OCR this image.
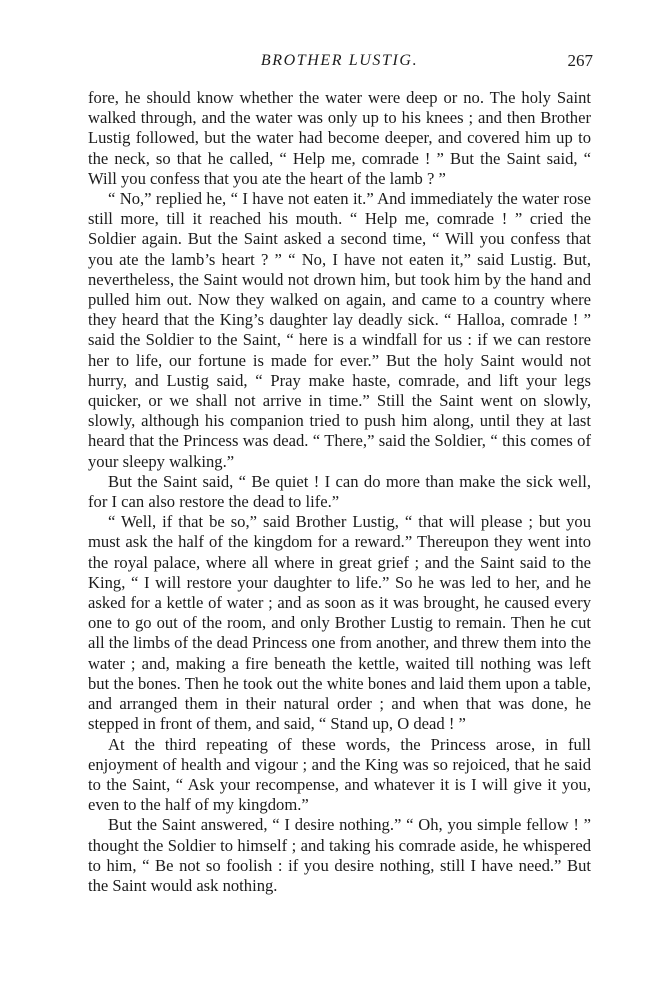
BROTHER LUSTIG.	267

fore, he should know whether the water were deep or no. The holy Saint walked through, and the water was only up to his knees ; and then Brother Lustig followed, but the water had become deeper, and covered him up to the neck, so that he called, “ Help me, comrade ! ” But the Saint said, “ Will you confess that you ate the heart of the lamb ? ”

“ No,” replied he, “ I have not eaten it.” And immediately the water rose still more, till it reached his mouth. “ Help me, comrade ! ” cried the Soldier again. But the Saint asked a second time, “ Will you confess that you ate the lamb’s heart ? ” “ No, I have not eaten it,” said Lustig. But, nevertheless, the Saint would not drown him, but took him by the hand and pulled him out. Now they walked on again, and came to a country where they heard that the King’s daughter lay deadly sick. “ Halloa, comrade ! ” said the Soldier to the Saint, “ here is a windfall for us : if we can restore her to life, our fortune is made for ever.” But the holy Saint would not hurry, and Lustig said, “ Pray make haste, comrade, and lift your legs quicker, or we shall not arrive in time.” Still the Saint went on slowly, slowly, although his companion tried to push him along, until they at last heard that the Princess was dead. “ There,” said the Soldier, “ this comes of your sleepy walking.”

But the Saint said, “ Be quiet ! I can do more than make the sick well, for I can also restore the dead to life.”

“ Well, if that be so,” said Brother Lustig, “ that will please ; but you must ask the half of the kingdom for a reward.” Thereupon they went into the royal palace, where all where in great grief ; and the Saint said to the King, “ I will restore your daughter to life.” So he was led to her, and he asked for a kettle of water ; and as soon as it was brought, he caused every one to go out of the room, and only Brother Lustig to remain. Then he cut all the limbs of the dead Princess one from another, and threw them into the water ; and, making a fire beneath the kettle, waited till nothing was left but the bones. Then he took out the white bones and laid them upon a table, and arranged them in their natural order ; and when that was done, he stepped in front of them, and said, “ Stand up, O dead ! ”

At the third repeating of these words, the Princess arose, in full enjoyment of health and vigour ; and the King was so rejoiced, that he said to the Saint, “ Ask your recompense, and whatever it is I will give it you, even to the half of my kingdom.”

But the Saint answered, “ I desire nothing.” “ Oh, you simple fellow ! ” thought the Soldier to himself ; and taking his comrade aside, he whispered to him, “ Be not so foolish : if you desire nothing, still I have need.” But the Saint would ask nothing.
